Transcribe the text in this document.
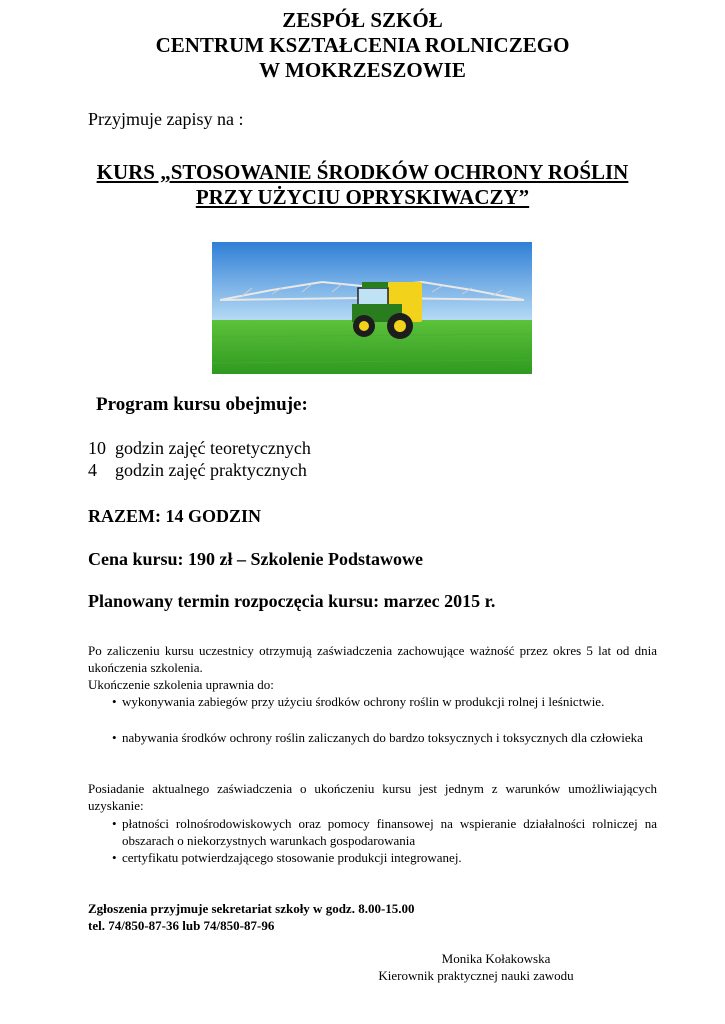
ZESPÓŁ SZKÓŁ
CENTRUM KSZTAŁCENIA ROLNICZEGO
W MOKRZESZOWIE
Przyjmuje zapisy na :
KURS „STOSOWANIE ŚRODKÓW OCHRONY ROŚLIN
PRZY UŻYCIU OPRYSKIWACZY”
Program kursu obejmuje:
10 godzin zajęć teoretycznych
4 godzin zajęć praktycznych
RAZEM: 14 GODZIN
Cena kursu: 190 zł – Szkolenie Podstawowe
Planowany termin rozpoczęcia kursu: marzec 2015 r.
Po zaliczeniu kursu uczestnicy otrzymują zaświadczenia zachowujące ważność przez okres 5 lat od dnia ukończenia szkolenia.
Ukończenie szkolenia uprawnia do:
• wykonywania zabiegów przy użyciu środków ochrony roślin w produkcji rolnej i leśnictwie.
• nabywania środków ochrony roślin zaliczanych do bardzo toksycznych i toksycznych dla człowieka
Posiadanie aktualnego zaświadczenia o ukończeniu kursu jest jednym z warunków umożliwiających uzyskanie:
• płatności rolnośrodowiskowych oraz pomocy finansowej na wspieranie działalności rolniczej na obszarach o niekorzystnych warunkach gospodarowania
• certyfikatu potwierdzającego stosowanie produkcji integrowanej.
Zgłoszenia przyjmuje sekretariat szkoły w godz. 8.00-15.00
tel. 74/850-87-36 lub 74/850-87-96
Monika Kołakowska
Kierownik praktycznej nauki zawodu
